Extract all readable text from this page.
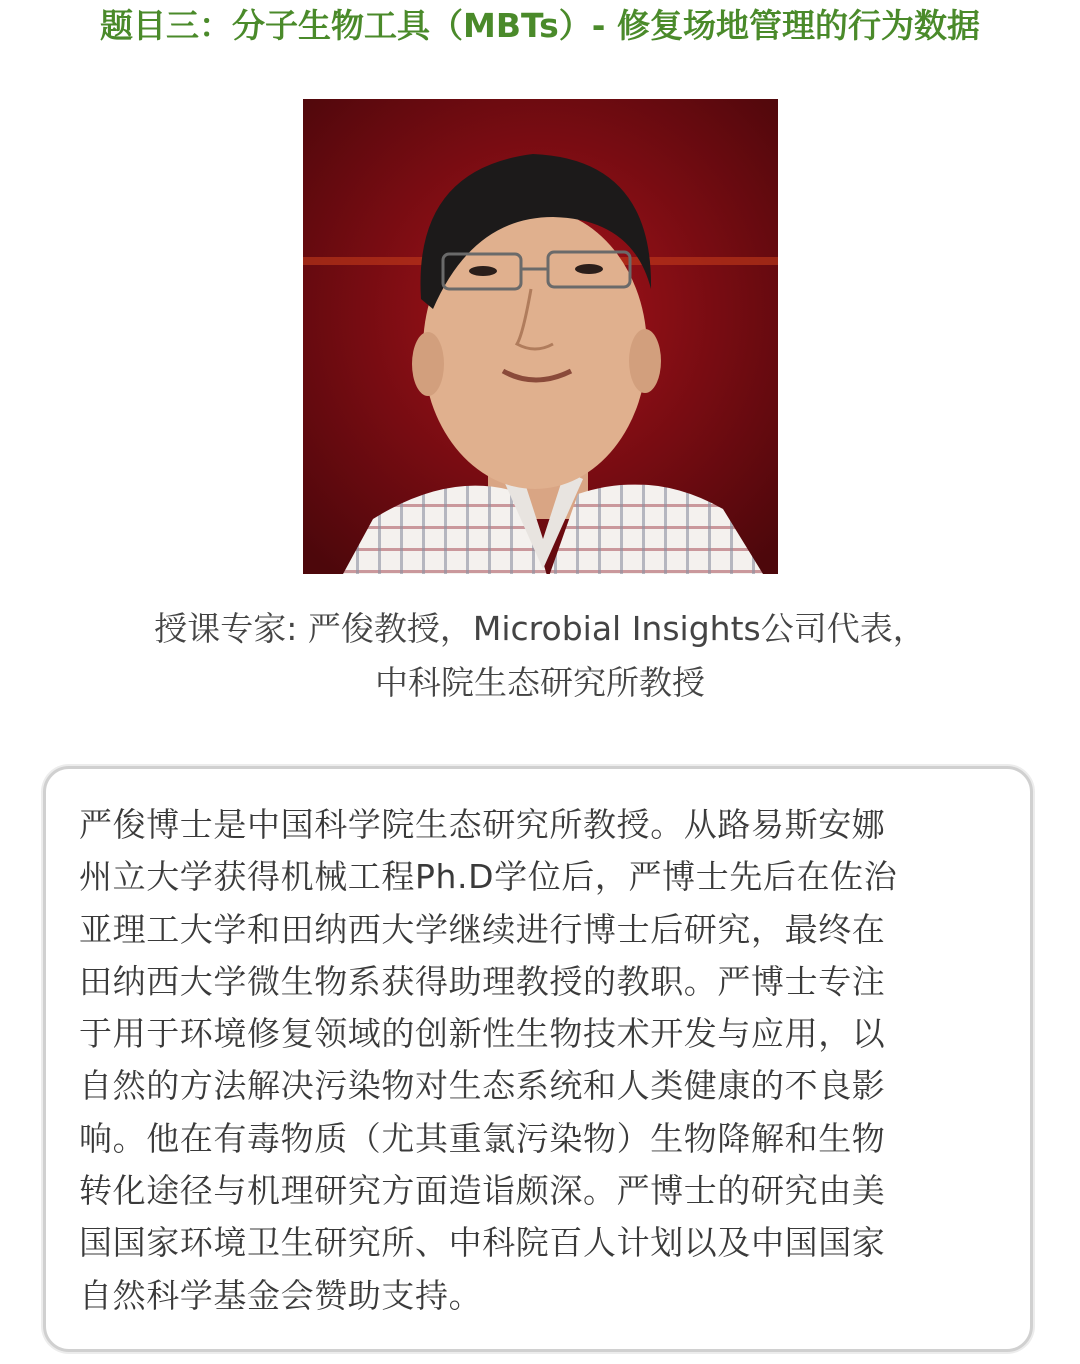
题目三：分子生物工具（MBTs）- 修复场地管理的行为数据
授课专家: 严俊教授，Microbial Insights公司代表，
中科院生态研究所教授
严俊博士是中国科学院生态研究所教授。从路易斯安娜
州立大学获得机械工程Ph.D学位后，严博士先后在佐治
亚理工大学和田纳西大学继续进行博士后研究，最终在
田纳西大学微生物系获得助理教授的教职。严博士专注
于用于环境修复领域的创新性生物技术开发与应用，以
自然的方法解决污染物对生态系统和人类健康的不良影
响。他在有毒物质（尤其重氯污染物）生物降解和生物
转化途径与机理研究方面造诣颇深。严博士的研究由美
国国家环境卫生研究所、中科院百人计划以及中国国家
自然科学基金会赞助支持。
